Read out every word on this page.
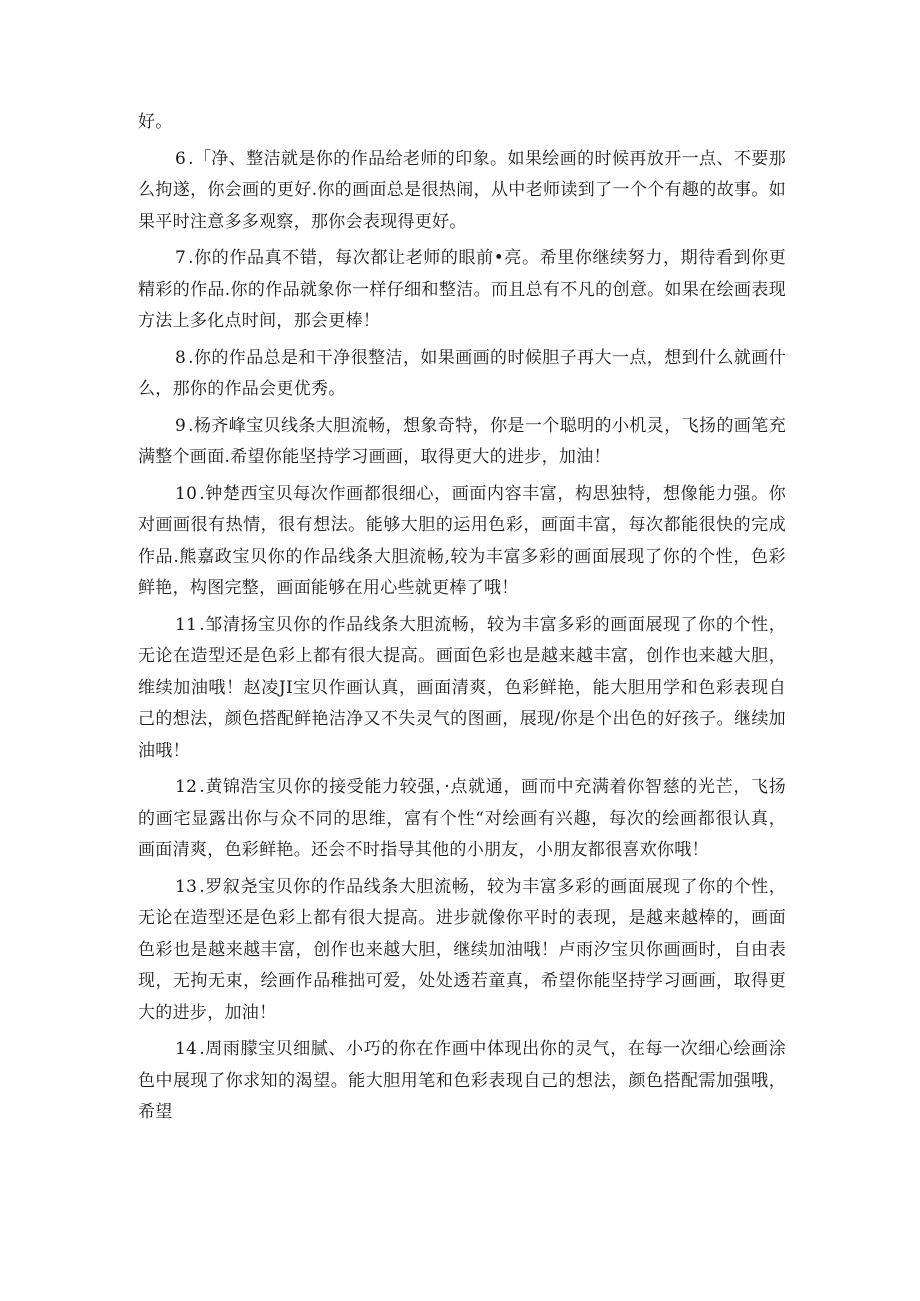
好。

6 .「净、整洁就是你的作品给老师的印象。如果绘画的时候再放开一点、不要那么拘遂，你会画的更好.你的画面总是很热闹，从中老师读到了一个个有趣的故事。如果平时注意多多观察，那你会表现得更好。

7 .你的作品真不错，每次都让老师的眼前•亮。希里你继续努力，期待看到你更精彩的作品.你的作品就象你一样仔细和整洁。而且总有不凡的创意。如果在绘画表现方法上多化点时间，那会更棒！

8 .你的作品总是和干净很整洁，如果画画的时候胆子再大一点，想到什么就画什么，那你的作品会更优秀。

9 .杨齐峰宝贝线条大胆流畅，想象奇特，你是一个聪明的小机灵，飞扬的画笔充满整个画面.希望你能坚持学习画画，取得更大的进步，加油！

10 .钟楚西宝贝每次作画都很细心，画面内容丰富，构思独特，想像能力强。你对画画很有热情，很有想法。能够大胆的运用色彩，画面丰富，每次都能很快的完成作品.熊嘉政宝贝你的作品线条大胆流畅,较为丰富多彩的画面展现了你的个性，色彩鲜艳，构图完整，画面能够在用心些就更棒了哦！

11 .邹清扬宝贝你的作品线条大胆流畅，较为丰富多彩的画面展现了你的个性，无论在造型还是色彩上都有很大提高。画面色彩也是越来越丰富，创作也来越大胆，维续加油哦！赵凌JI宝贝作画认真，画面清爽，色彩鲜艳，能大胆用学和色彩表现自己的想法，颜色搭配鲜艳洁净又不失灵气的图画，展现/你是个出色的好孩子。继续加油哦！

12 .黄锦浩宝贝你的接受能力较强，·点就通，画而中充满着你智慈的光芒，飞扬的画宅显露出你与众不同的思维，富有个性“对绘画有兴趣，每次的绘画都很认真，画面清爽，色彩鲜艳。还会不时指导其他的小朋友，小朋友都很喜欢你哦！

13 .罗叙尧宝贝你的作品线条大胆流畅，较为丰富多彩的画面展现了你的个性，无论在造型还是色彩上都有很大提高。进步就像你平时的表现，是越来越棒的，画面色彩也是越来越丰富，创作也来越大胆，继续加油哦！卢雨汐宝贝你画画时，自由表现，无拘无束，绘画作品稚拙可爱，处处透若童真，希望你能坚持学习画画，取得更大的进步，加油！

14 .周雨朦宝贝细腻、小巧的你在作画中体现出你的灵气，在每一次细心绘画涂色中展现了你求知的渴望。能大胆用笔和色彩表现自己的想法，颜色搭配需加强哦，希望
